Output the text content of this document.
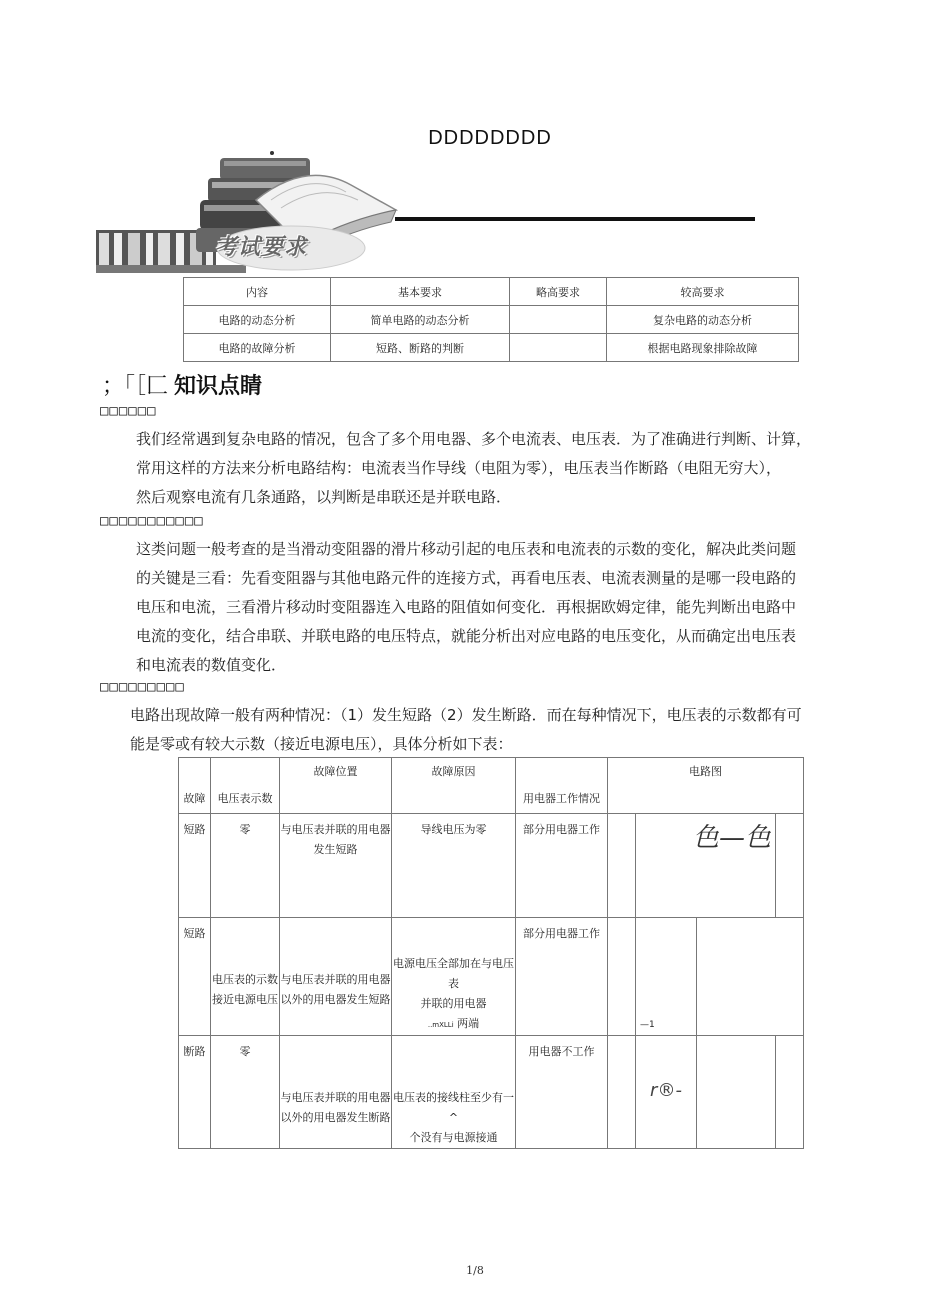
DDDDDDDD
考试要求
内容	基本要求	略高要求	较高要求
电路的动态分析	简单电路的动态分析		复杂电路的动态分析
电路的故障分析	短路、断路的判断		根据电路现象排除故障
；「［匚 知识点睛
□□□□□□
我们经常遇到复杂电路的情况，包含了多个用电器、多个电流表、电压表．为了准确进行判断、计算，
常用这样的方法来分析电路结构：电流表当作导线（电阻为零），电压表当作断路（电阻无穷大），
然后观察电流有几条通路，以判断是串联还是并联电路．
□□□□□□□□□□□
这类问题一般考查的是当滑动变阻器的滑片移动引起的电压表和电流表的示数的变化，解决此类问题
的关键是三看：先看变阻器与其他电路元件的连接方式，再看电压表、电流表测量的是哪一段电路的
电压和电流，三看滑片移动时变阻器连入电路的阻值如何变化．再根据欧姆定律，能先判断出电路中
电流的变化，结合串联、并联电路的电压特点，就能分析出对应电路的电压变化，从而确定出电压表
和电流表的数值变化．
□□□□□□□□□
电路出现故障一般有两种情况：（1）发生短路（2）发生断路．而在每种情况下，电压表的示数都有可
能是零或有较大示数（接近电源电压），具体分析如下表：
故障	电压表示数	故障位置	故障原因	用电器工作情况	电路图			
短路	零	与电压表并联的用电器
发生短路	导线电压为零	部分用电器工作		色—色		
短路	电压表的示数
接近电源电压	与电压表并联的用电器
以外的用电器发生短路	电源电压全部加在与电压表
并联的用电器
..mXLLi 两端	部分用电器工作		—1		
断路	零	与电压表并联的用电器
以外的用电器发生断路	电压表的接线柱至少有一^
个没有与电源接通	用电器不工作		r®-		
1/8
